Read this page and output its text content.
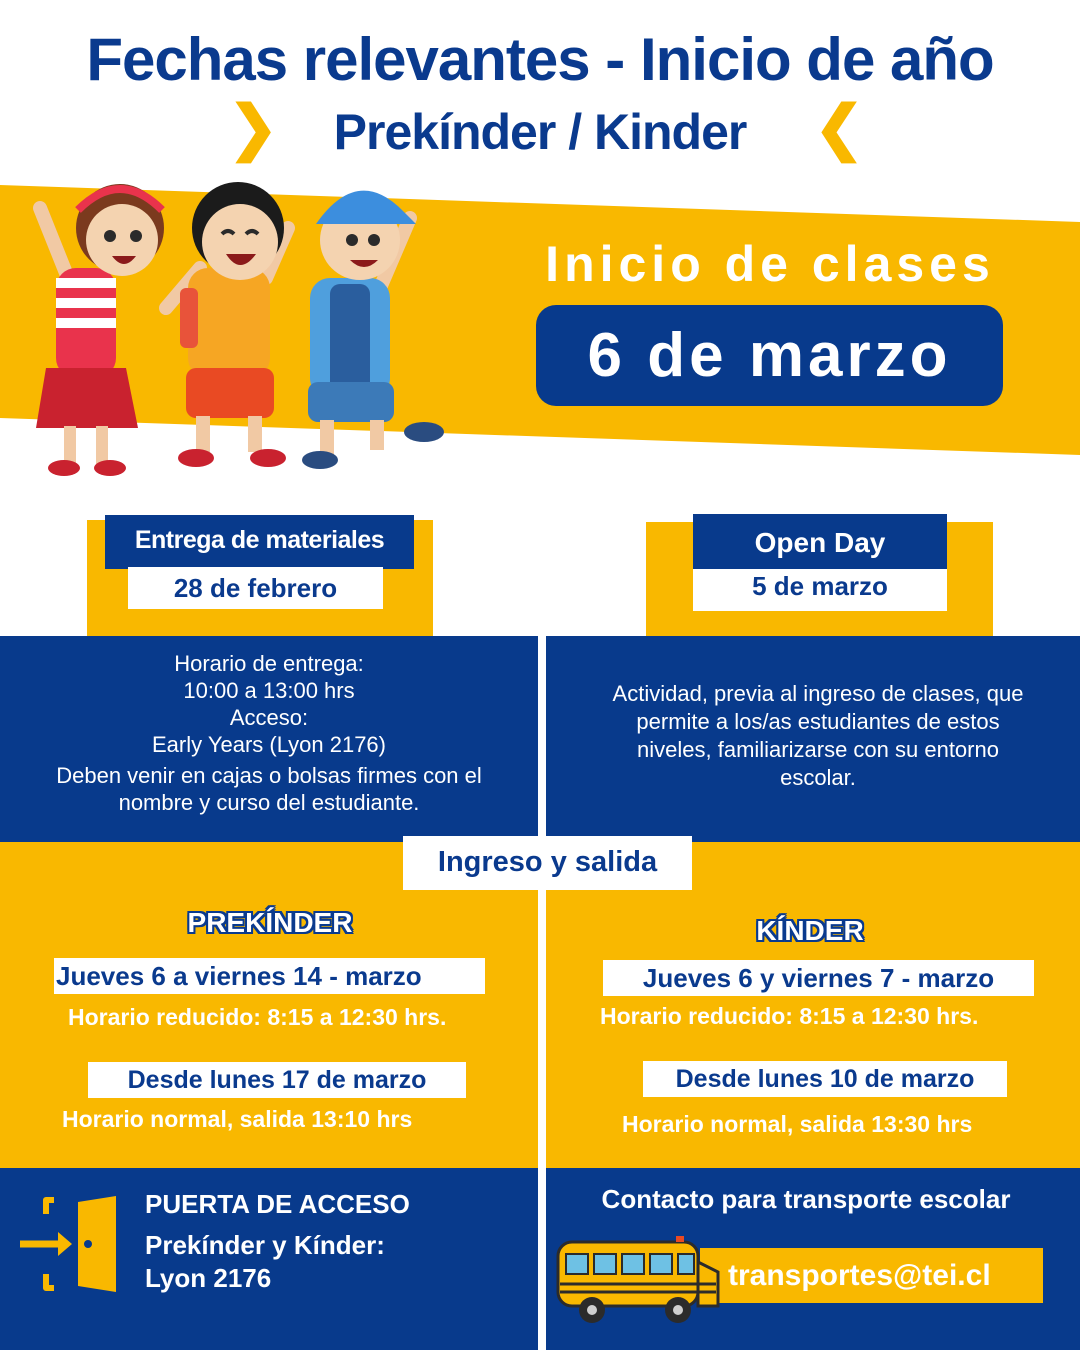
Fechas relevantes - Inicio de año
❯	Prekínder / Kinder	❮
Inicio de clases
6 de marzo
Entrega de materiales
28 de febrero
Open Day
5 de marzo
Horario de entrega:
10:00 a 13:00 hrs
Acceso:
Early Years (Lyon 2176)
Deben venir en cajas o bolsas firmes con el nombre y curso del estudiante.
Actividad, previa al ingreso de clases, que permite a los/as estudiantes de estos niveles, familiarizarse con su entorno escolar.
Ingreso y salida
PREKÍNDER
Jueves 6 a viernes 14 - marzo
Horario reducido: 8:15 a 12:30 hrs.
Desde lunes 17 de marzo
Horario normal, salida 13:10 hrs
KÍNDER
Jueves 6 y viernes 7 - marzo
Horario reducido: 8:15 a 12:30 hrs.
Desde lunes 10 de marzo
Horario normal, salida 13:30 hrs
PUERTA DE ACCESO
Prekínder y Kínder:
Lyon 2176
Contacto para transporte escolar
transportes@tei.cl
